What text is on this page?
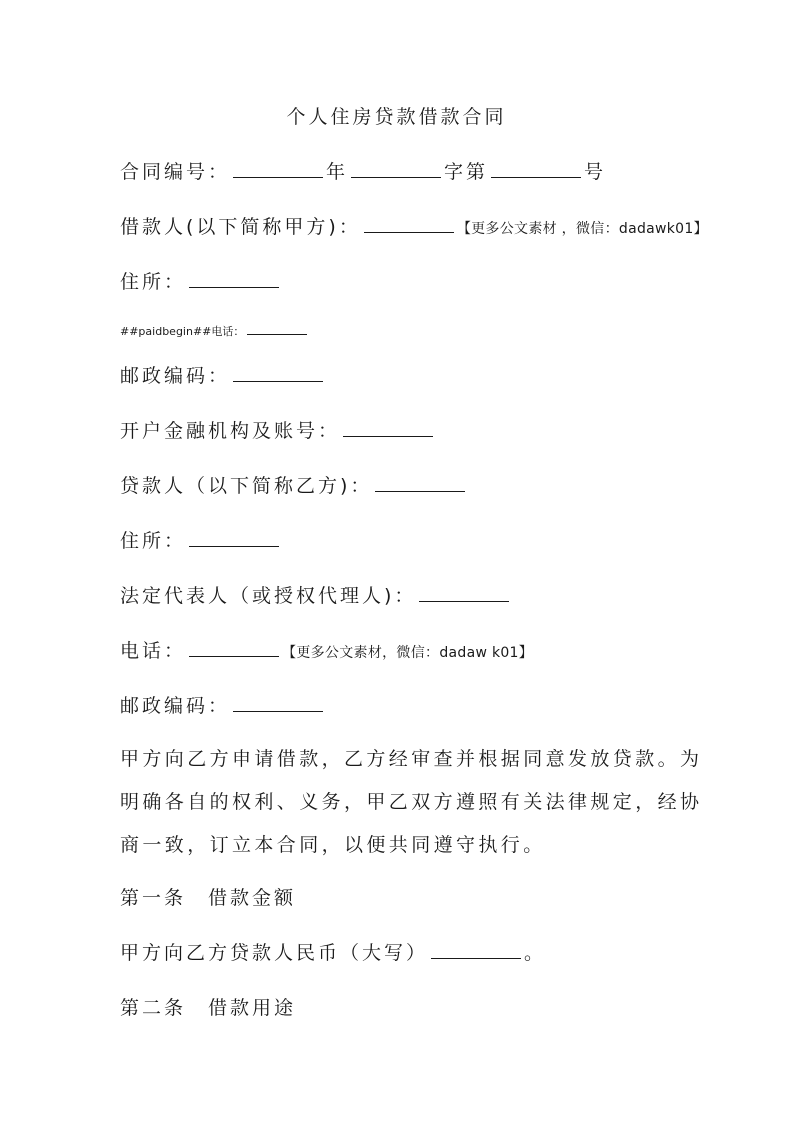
个人住房贷款借款合同
合同编号：	年	字第	号
借款人(以下简称甲方)：	【更多公文素材 ，微信：dadawk01】
住所：
##paidbegin##电话：
邮政编码：
开户金融机构及账号：
贷款人（以下简称乙方)：
住所：
法定代表人（或授权代理人)：
电话：	【更多公文素材，微信：dadaw k01】
邮政编码：
甲方向乙方申请借款，乙方经审查并根据同意发放贷款。为
明确各自的权利、义务，甲乙双方遵照有关法律规定，经协
商一致，订立本合同，以便共同遵守执行。
第一条　借款金额
甲方向乙方贷款人民币（大写）	。
第二条　借款用途
